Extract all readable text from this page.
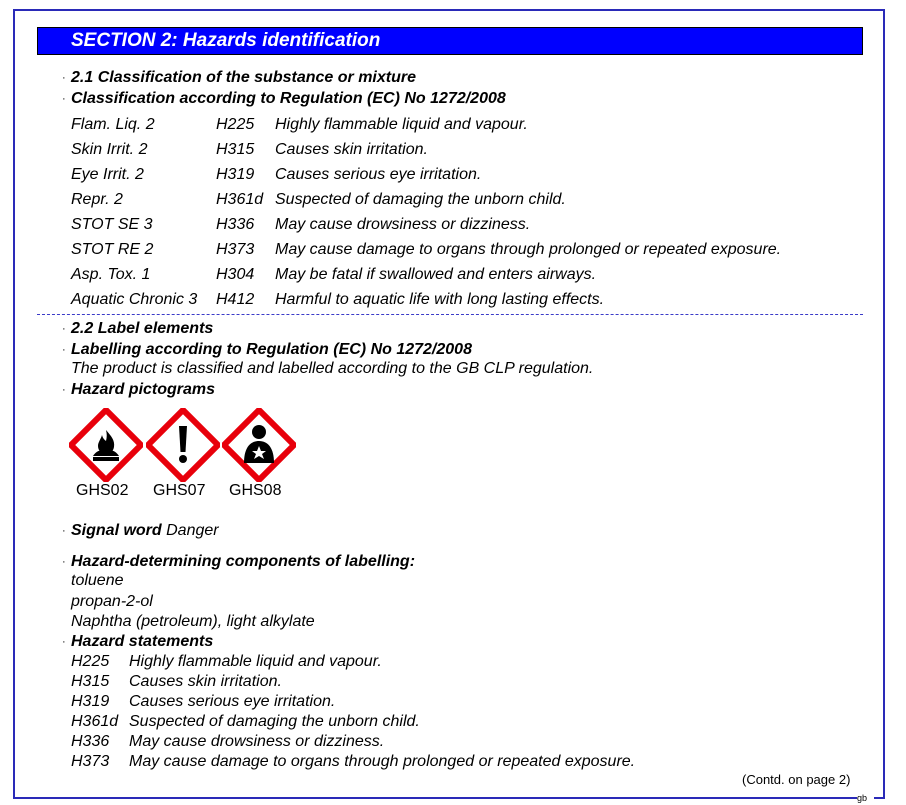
gb
SECTION 2: Hazards identification
· 2.1 Classification of the substance or mixture
· Classification according to Regulation (EC) No 1272/2008
Flam. Liq. 2	H225 Highly flammable liquid and vapour.
Skin Irrit. 2	H315 Causes skin irritation.
Eye Irrit. 2	H319 Causes serious eye irritation.
Repr. 2	H361d Suspected of damaging the unborn child.
STOT SE 3	H336 May cause drowsiness or dizziness.
STOT RE 2	H373 May cause damage to organs through prolonged or repeated exposure.
Asp. Tox. 1	H304 May be fatal if swallowed and enters airways.
Aquatic Chronic 3 H412 Harmful to aquatic life with long lasting effects.
· 2.2 Label elements
· Labelling according to Regulation (EC) No 1272/2008
The product is classified and labelled according to the GB CLP regulation.
· Hazard pictograms
GHS02 GHS07 GHS08
· Signal word Danger
· Hazard-determining components of labelling:
toluene
propan-2-ol
Naphtha (petroleum), light alkylate
· Hazard statements
H225 Highly flammable liquid and vapour.
H315 Causes skin irritation.
H319 Causes serious eye irritation.
H361d Suspected of damaging the unborn child.
H336 May cause drowsiness or dizziness.
H373 May cause damage to organs through prolonged or repeated exposure.
(Contd. on page 2)
